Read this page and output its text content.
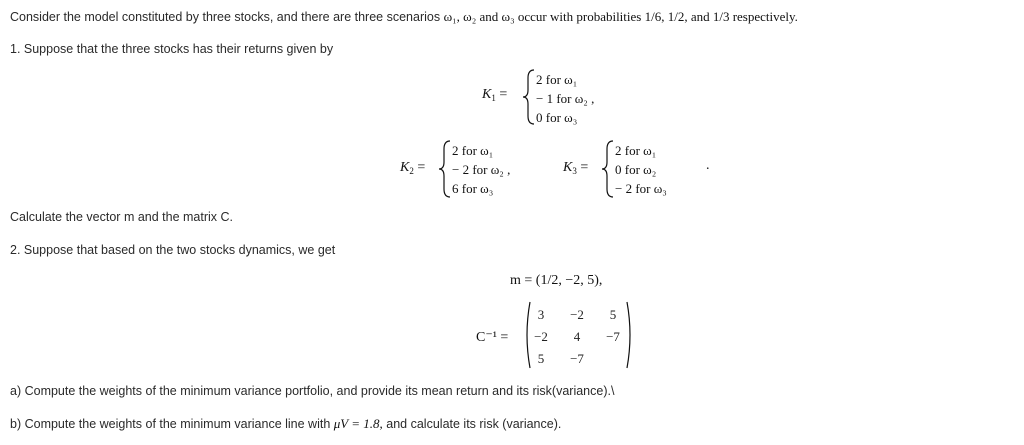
Consider the model constituted by three stocks, and there are three scenarios ω₁, ω₂ and ω₃ occur with probabilities 1/6, 1/2, and 1/3 respectively.
1. Suppose that the three stocks has their returns given by
$K_1$ =
2 for ω₁
− 1 for ω₂ ,
0 for ω₃
$K_2$ =
2 for ω₁
− 2 for ω₂ ,
6 for ω₃
$K_3$ =
2 for ω₁
0 for ω₂
− 2 for ω₃
.
Calculate the vector m and the matrix C.
2. Suppose that based on the two stocks dynamics, we get
m = (1/2, −2, 5),
C⁻¹ =
3	−2	5
−2	4	−7
5	−7
a) Compute the weights of the minimum variance portfolio, and provide its mean return and its risk(variance).\
b) Compute the weights of the minimum variance line with μV = 1.8, and calculate its risk (variance).
